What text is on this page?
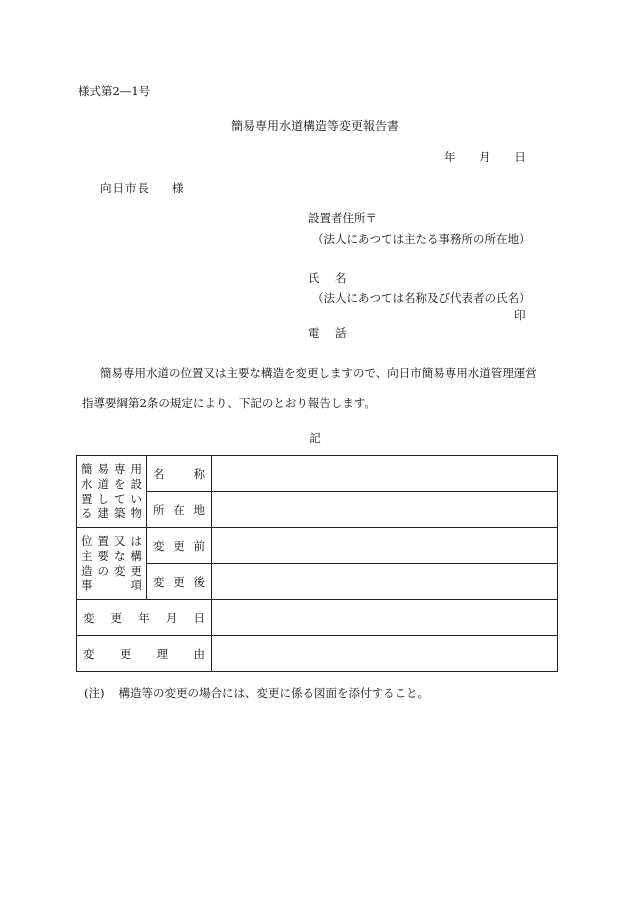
様式第2―1号
簡易専用水道構造等変更報告書
年 月 日
向日市長 様
設置者住所〒
（法人にあつては主たる事務所の所在地）
氏　名
（法人にあつては名称及び代表者の氏名）
印
電　話
簡易専用水道の位置又は主要な構造を変更しますので、向日市簡易専用水道管理運営
指導要綱第2条の規定により、下記のとおり報告します。
記
簡易専用水道を設置している建築物	名 称	

	所 在 地	

位置又は主要な構造の変更事項	変 更 前	

	変 更 後	

変 更 年 月 日		

変 更 理 由		

(注) 構造等の変更の場合には、変更に係る図面を添付すること。
